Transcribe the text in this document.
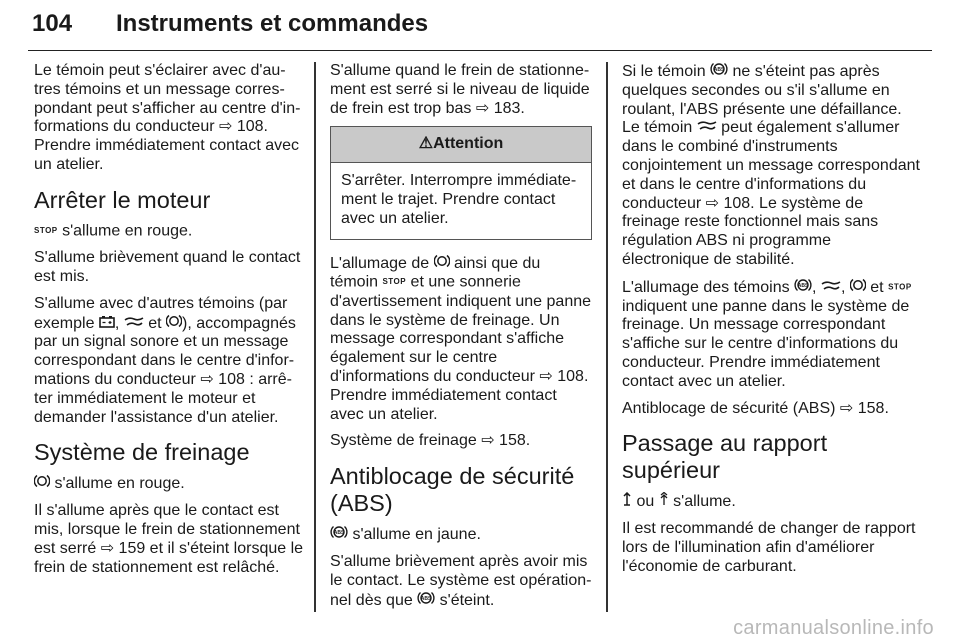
104 Instruments et commandes

Le témoin peut s'éclairer avec d'autres témoins et un message correspondant peut s'afficher au centre d'informations du conducteur ⇨ 108. Prendre immédiatement contact avec un atelier.

Arrêter le moteur

STOP s'allume en rouge.

S'allume brièvement quand le contact est mis.

S'allume avec d'autres témoins (par exemple ,  et ), accompagnés par un signal sonore et un message correspondant dans le centre d'informations du conducteur ⇨ 108 : arrêter immédiatement le moteur et demander l'assistance d'un atelier.

Système de freinage

s'allume en rouge.

Il s'allume après que le contact est mis, lorsque le frein de stationnement est serré ⇨ 159 et il s'éteint lorsque le frein de stationnement est relâché.

S'allume quand le frein de stationnement est serré si le niveau de liquide de frein est trop bas ⇨ 183.

⚠Attention
S'arrêter. Interrompre immédiatement le trajet. Prendre contact avec un atelier.

L'allumage de  ainsi que du témoin STOP et une sonnerie d'avertissement indiquent une panne dans le système de freinage. Un message correspondant s'affiche également sur le centre d'informations du conducteur ⇨ 108. Prendre immédiatement contact avec un atelier.

Système de freinage ⇨ 158.

Antiblocage de sécurité (ABS)

ABS s'allume en jaune.

S'allume brièvement après avoir mis le contact. Le système est opérationnel dès que ABS s'éteint.

Si le témoin ABS ne s'éteint pas après quelques secondes ou s'il s'allume en roulant, l'ABS présente une défaillance. Le témoin  peut également s'allumer dans le combiné d'instruments conjointement un message correspondant et dans le centre d'informations du conducteur ⇨ 108. Le système de freinage reste fonctionnel mais sans régulation ABS ni programme électronique de stabilité.

L'allumage des témoins ABS , ,  et STOP indiquent une panne dans le système de freinage. Un message correspondant s'affiche sur le centre d'informations du conducteur. Prendre immédiatement contact avec un atelier.

Antiblocage de sécurité (ABS) ⇨ 158.

Passage au rapport supérieur

ou  s'allume.

Il est recommandé de changer de rapport lors de l'illumination afin d'améliorer l'économie de carburant.

carmanualsonline.info
